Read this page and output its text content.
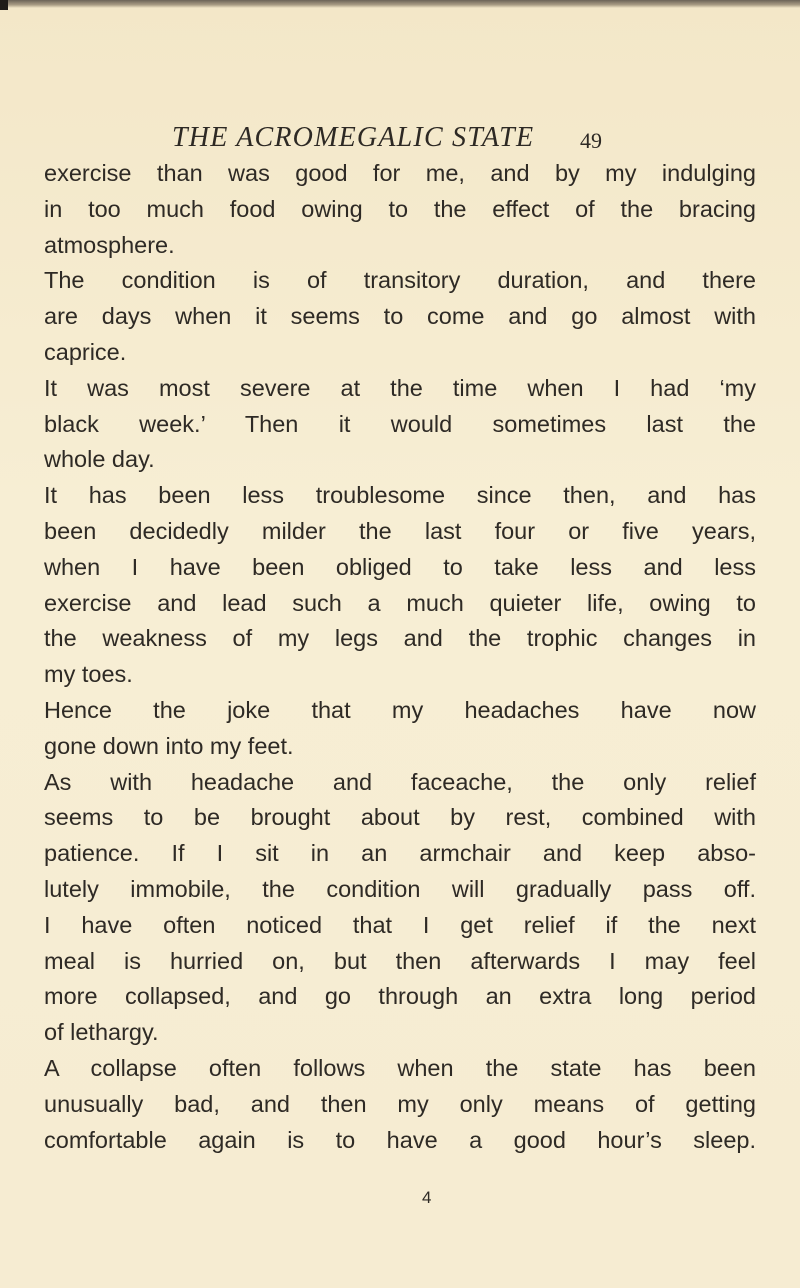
THE ACROMEGALIC STATE 49
exercise than was good for me, and by my indulging
in too much food owing to the effect of the bracing
atmosphere.
The condition is of transitory duration, and there
are days when it seems to come and go almost with
caprice.
It was most severe at the time when I had ‘my
black week.’ Then it would sometimes last the
whole day.
It has been less troublesome since then, and has
been decidedly milder the last four or five years,
when I have been obliged to take less and less
exercise and lead such a much quieter life, owing to
the weakness of my legs and the trophic changes in
my toes.
Hence the joke that my headaches have now
gone down into my feet.
As with headache and faceache, the only relief
seems to be brought about by rest, combined with
patience. If I sit in an armchair and keep abso-
lutely immobile, the condition will gradually pass off.
I have often noticed that I get relief if the next
meal is hurried on, but then afterwards I may feel
more collapsed, and go through an extra long period
of lethargy.
A collapse often follows when the state has been
unusually bad, and then my only means of getting
comfortable again is to have a good hour’s sleep.
4
